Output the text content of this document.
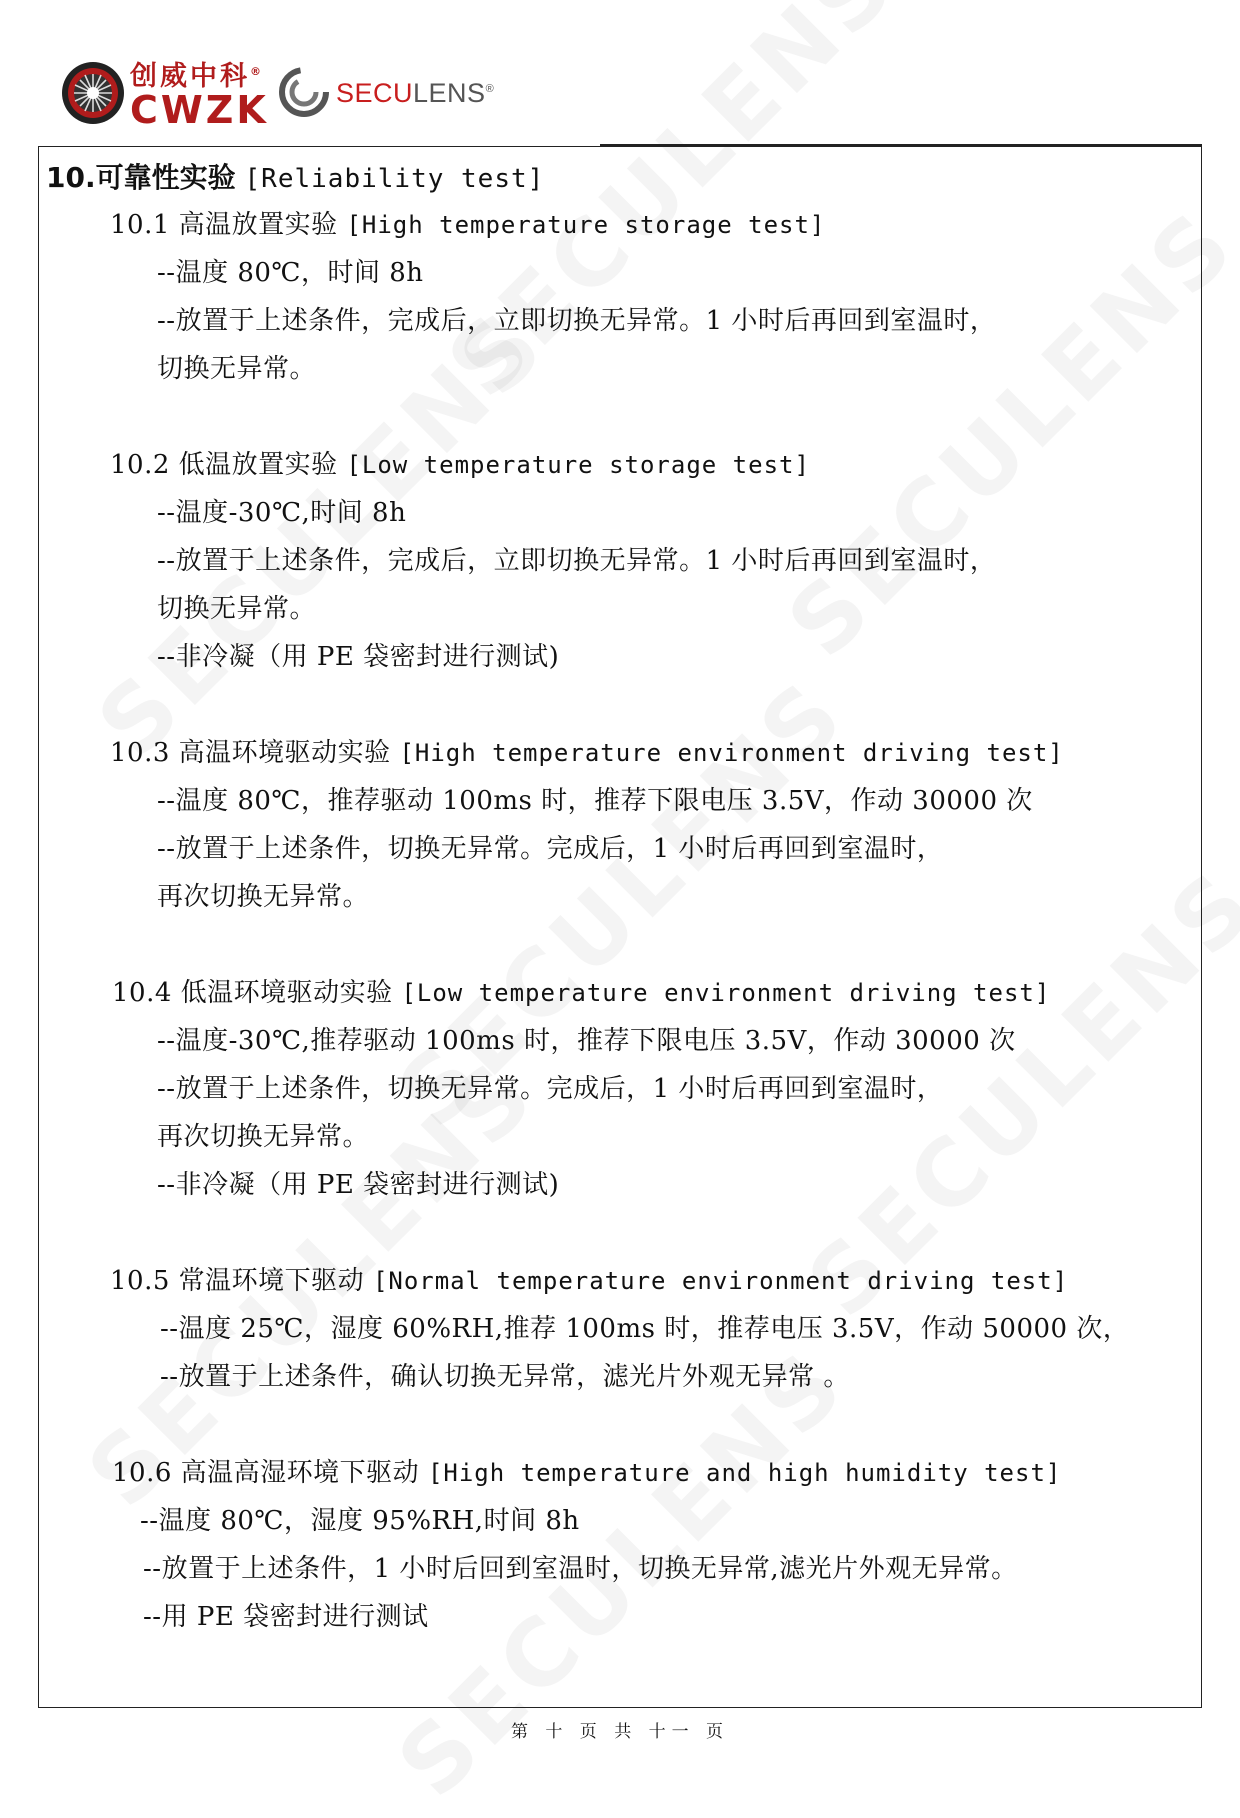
创威中科®
CWZK SECULENS®
10.可靠性实验 [Reliability test]
10.1 高温放置实验 [High temperature storage test]
--温度 80℃，时间 8h
--放置于上述条件，完成后，立即切换无异常。1 小时后再回到室温时，
切换无异常。
10.2 低温放置实验 [Low temperature storage test]
--温度-30℃,时间 8h
--放置于上述条件，完成后，立即切换无异常。1 小时后再回到室温时，
切换无异常。
--非冷凝（用 PE 袋密封进行测试)
10.3 高温环境驱动实验 [High temperature environment driving test]
--温度 80℃，推荐驱动 100ms 时，推荐下限电压 3.5V，作动 30000 次
--放置于上述条件，切换无异常。完成后，1 小时后再回到室温时，
再次切换无异常。
10.4 低温环境驱动实验 [Low temperature environment driving test]
--温度-30℃,推荐驱动 100ms 时，推荐下限电压 3.5V，作动 30000 次
--放置于上述条件，切换无异常。完成后，1 小时后再回到室温时，
再次切换无异常。
--非冷凝（用 PE 袋密封进行测试)
10.5 常温环境下驱动 [Normal temperature environment driving test]
--温度 25℃，湿度 60%RH,推荐 100ms 时，推荐电压 3.5V，作动 50000 次，
--放置于上述条件，确认切换无异常，滤光片外观无异常 。
10.6 高温高湿环境下驱动 [High temperature and high humidity test]
--温度 80℃，湿度 95%RH,时间 8h
--放置于上述条件，1 小时后回到室温时，切换无异常,滤光片外观无异常。
--用 PE 袋密封进行测试
第 十 页 共 十一 页
